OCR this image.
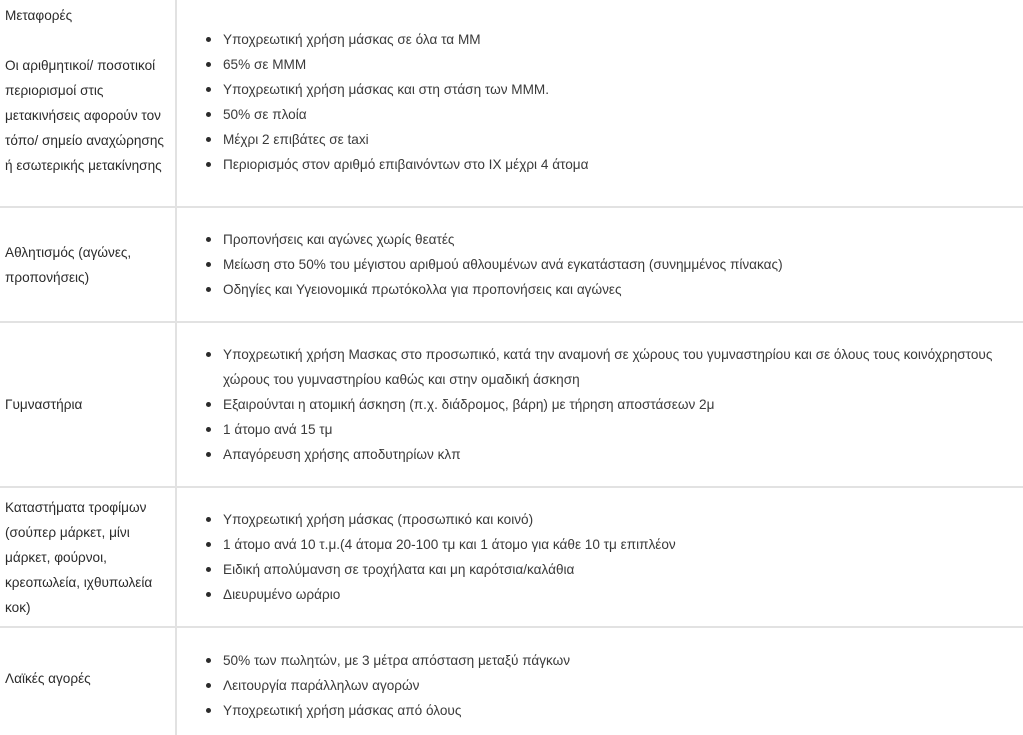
Μεταφορές
Οι αριθμητικοί/ ποσοτικοί περιορισμοί στις μετακινήσεις αφορούν τον τόπο/ σημείο αναχώρησης ή εσωτερικής μετακίνησης
Υποχρεωτική χρήση μάσκας σε όλα τα ΜΜ
65% σε ΜΜΜ
Υποχρεωτική χρήση μάσκας και στη στάση των ΜΜΜ.
50% σε πλοία
Μέχρι 2 επιβάτες σε taxi
Περιορισμός στον αριθμό επιβαινόντων στο ΙΧ μέχρι 4 άτομα
Αθλητισμός (αγώνες, προπονήσεις)
Προπονήσεις και αγώνες χωρίς θεατές
Μείωση στο 50% του μέγιστου αριθμού αθλουμένων ανά εγκατάσταση (συνημμένος πίνακας)
Οδηγίες και Υγειονομικά πρωτόκολλα για προπονήσεις και αγώνες
Γυμναστήρια
Υποχρεωτική χρήση Μασκας στο προσωπικό, κατά την αναμονή σε χώρους του γυμναστηρίου και σε όλους τους κοινόχρηστους χώρους του γυμναστηρίου καθώς και στην ομαδική άσκηση
Εξαιρούνται η ατομική άσκηση (π.χ. διάδρομος, βάρη) με τήρηση αποστάσεων 2μ
1 άτομο ανά 15 τμ
Απαγόρευση χρήσης αποδυτηρίων κλπ
Καταστήματα τροφίμων (σούπερ μάρκετ, μίνι μάρκετ, φούρνοι, κρεοπωλεία, ιχθυπωλεία κοκ)
Υποχρεωτική χρήση μάσκας (προσωπικό και κοινό)
1 άτομο ανά 10 τ.μ.(4 άτομα 20-100 τμ και 1 άτομο για κάθε 10 τμ επιπλέον
Ειδική απολύμανση σε τροχήλατα και μη καρότσια/καλάθια
Διευρυμένο ωράριο
Λαϊκές αγορές
50% των πωλητών, με 3 μέτρα απόσταση μεταξύ πάγκων
Λειτουργία παράλληλων αγορών
Υποχρεωτική χρήση μάσκας από όλους
